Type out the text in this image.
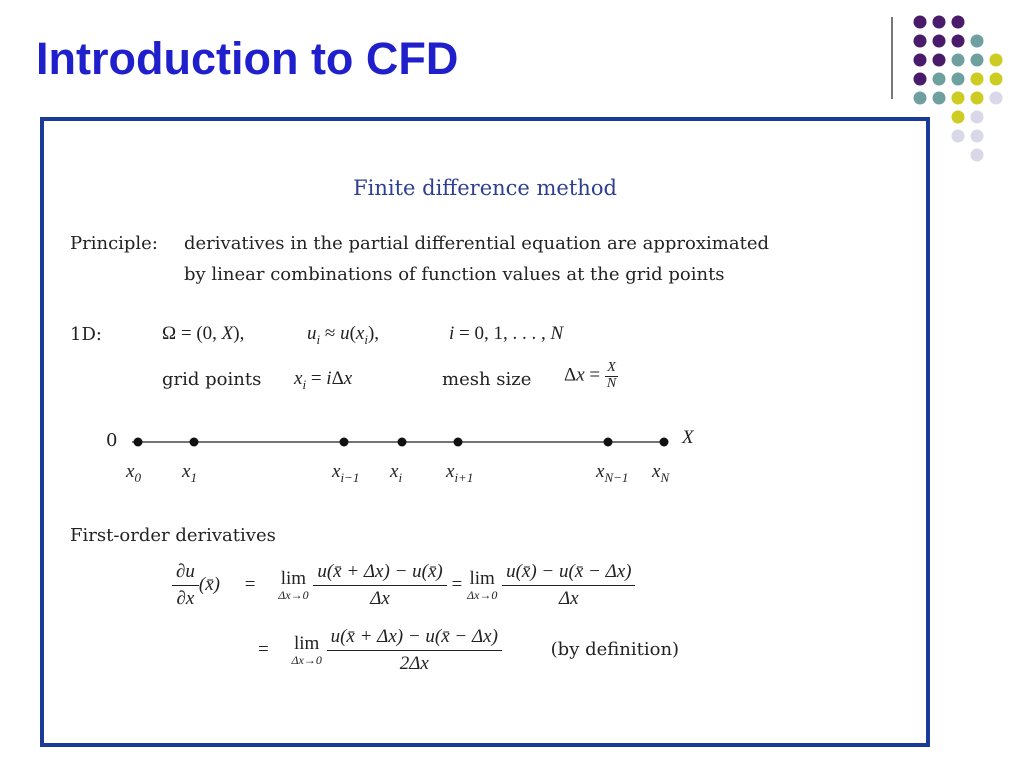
Introduction to CFD
Finite difference method
Principle: derivatives in the partial differential equation are approximated
by linear combinations of function values at the grid points
1D:	Ω = (0, X),	$u_i \approx u(x_i)$,	i = 0, 1, . . . , N
grid points $x_i = i\Delta x$	mesh size $\Delta x = \frac{X}{N}$
0	X
$x_0$ $x_1$	$x_{i-1}$ $x_i$ $x_{i+1}$	$x_{N-1}$ $x_N$
First-order derivatives
$\frac{\partial u}{\partial x}$ (x̄) = lim
Δx→0
$\frac{u(x̄ + \Delta x) - u(x̄)}{\Delta x} = \lim$
Δx→0
$\frac{u(x̄) - u(x̄ - \Delta x)}{\Delta x}$
= lim
Δx→0
$\frac{u(x̄ + \Delta x) - u(x̄ - \Delta x)}{2\Delta x}$	(by definition)
